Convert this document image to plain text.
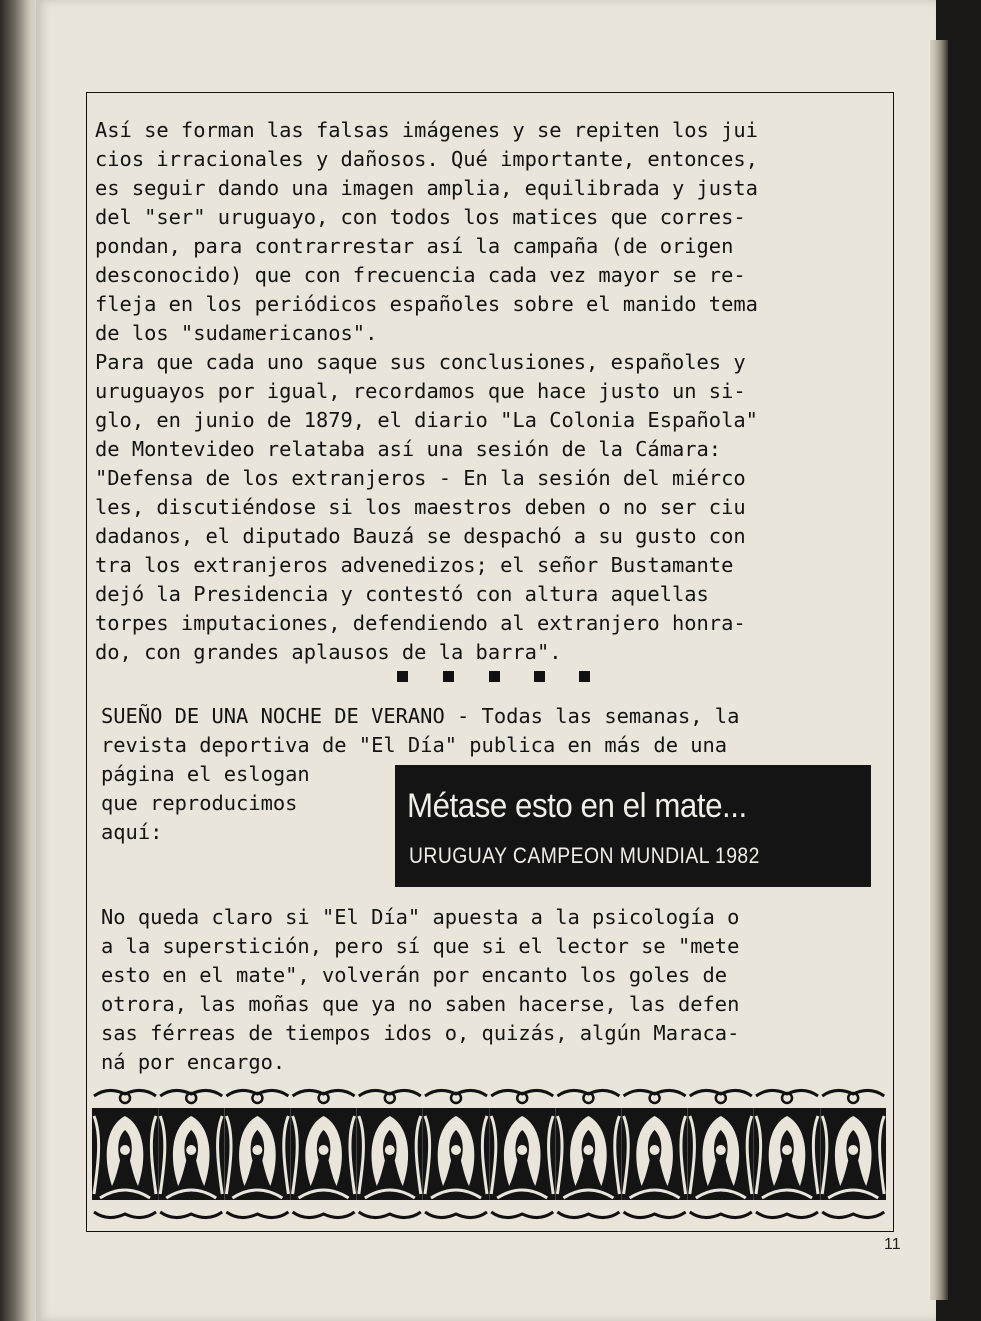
Así se forman las falsas imágenes y se repiten los jui
cios irracionales y dañosos. Qué importante, entonces,
es seguir dando una imagen amplia, equilibrada y justa
del "ser" uruguayo, con todos los matices que corres-
pondan, para contrarrestar así la campaña (de origen
desconocido) que con frecuencia cada vez mayor se re-
fleja en los periódicos españoles sobre el manido tema
de los "sudamericanos".
Para que cada uno saque sus conclusiones, españoles y
uruguayos por igual, recordamos que hace justo un si-
glo, en junio de 1879, el diario "La Colonia Española"
de Montevideo relataba así una sesión de la Cámara:
"Defensa de los extranjeros - En la sesión del miérco
les, discutiéndose si los maestros deben o no ser ciu
dadanos, el diputado Bauzá se despachó a su gusto con
tra los extranjeros advenedizos; el señor Bustamante
dejó la Presidencia y contestó con altura aquellas
torpes imputaciones, defendiendo al extranjero honra-
do, con grandes aplausos de la barra".
SUEÑO DE UNA NOCHE DE VERANO - Todas las semanas, la
revista deportiva de "El Día" publica en más de una
página el eslogan
que reproducimos
aquí:
Métase esto en el mate...
URUGUAY CAMPEON MUNDIAL 1982
No queda claro si "El Día" apuesta a la psicología o
a la superstición, pero sí que si el lector se "mete
esto en el mate", volverán por encanto los goles de
otrora, las moñas que ya no saben hacerse, las defen
sas férreas de tiempos idos o, quizás, algún Maraca-
ná por encargo.
11
